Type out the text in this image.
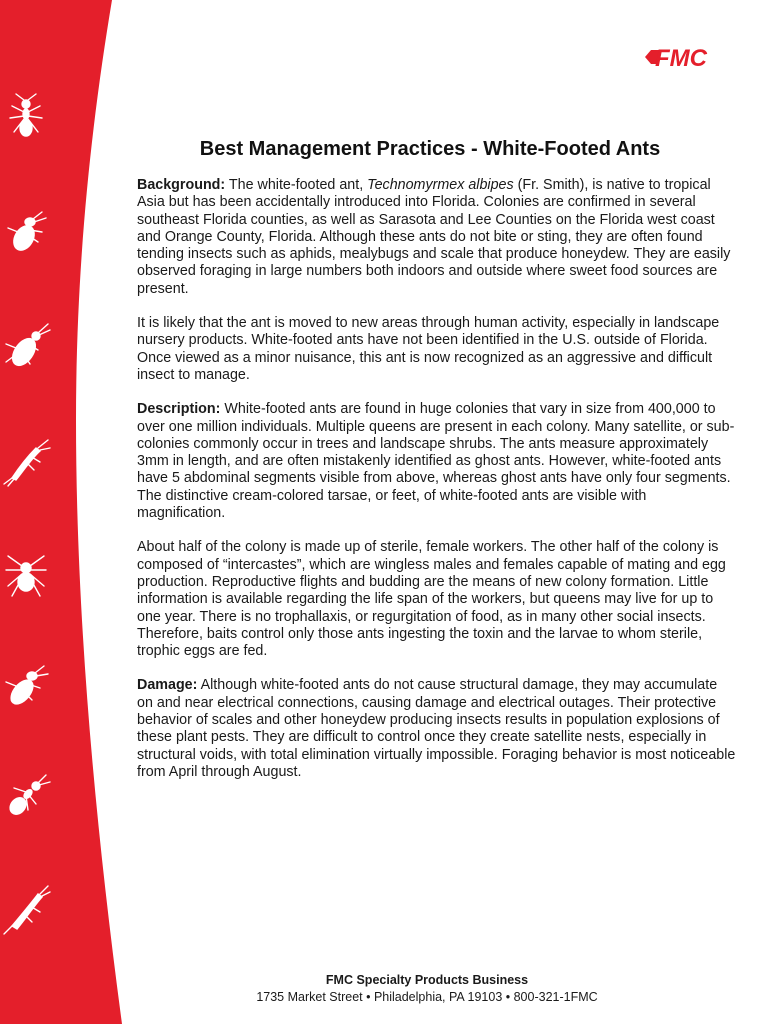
FMC
Best Management Practices - White-Footed Ants

Background: The white-footed ant, Technomyrmex albipes (Fr. Smith), is native to tropical Asia but has been accidentally introduced into Florida. Colonies are confirmed in several southeast Florida counties, as well as Sarasota and Lee Counties on the Florida west coast and Orange County, Florida. Although these ants do not bite or sting, they are often found tending insects such as aphids, mealybugs and scale that produce honeydew. They are easily observed foraging in large numbers both indoors and outside where sweet food sources are present.

It is likely that the ant is moved to new areas through human activity, especially in landscape nursery products. White-footed ants have not been identified in the U.S. outside of Florida. Once viewed as a minor nuisance, this ant is now recognized as an aggressive and difficult insect to manage.

Description: White-footed ants are found in huge colonies that vary in size from 400,000 to over one million individuals. Multiple queens are present in each colony. Many satellite, or sub-colonies commonly occur in trees and landscape shrubs. The ants measure approximately 3mm in length, and are often mistakenly identified as ghost ants. However, white-footed ants have 5 abdominal segments visible from above, whereas ghost ants have only four segments. The distinctive cream-colored tarsae, or feet, of white-footed ants are visible with magnification.

About half of the colony is made up of sterile, female workers. The other half of the colony is composed of “intercastes”, which are wingless males and females capable of mating and egg production. Reproductive flights and budding are the means of new colony formation. Little information is available regarding the life span of the workers, but queens may live for up to one year. There is no trophallaxis, or regurgitation of food, as in many other social insects. Therefore, baits control only those ants ingesting the toxin and the larvae to whom sterile, trophic eggs are fed.

Damage: Although white-footed ants do not cause structural damage, they may accumulate on and near electrical connections, causing damage and electrical outages. Their protective behavior of scales and other honeydew producing insects results in population explosions of these plant pests. They are difficult to control once they create satellite nests, especially in structural voids, with total elimination virtually impossible. Foraging behavior is most noticeable from April through August.

FMC Specialty Products Business
1735 Market Street • Philadelphia, PA 19103 • 800-321-1FMC
